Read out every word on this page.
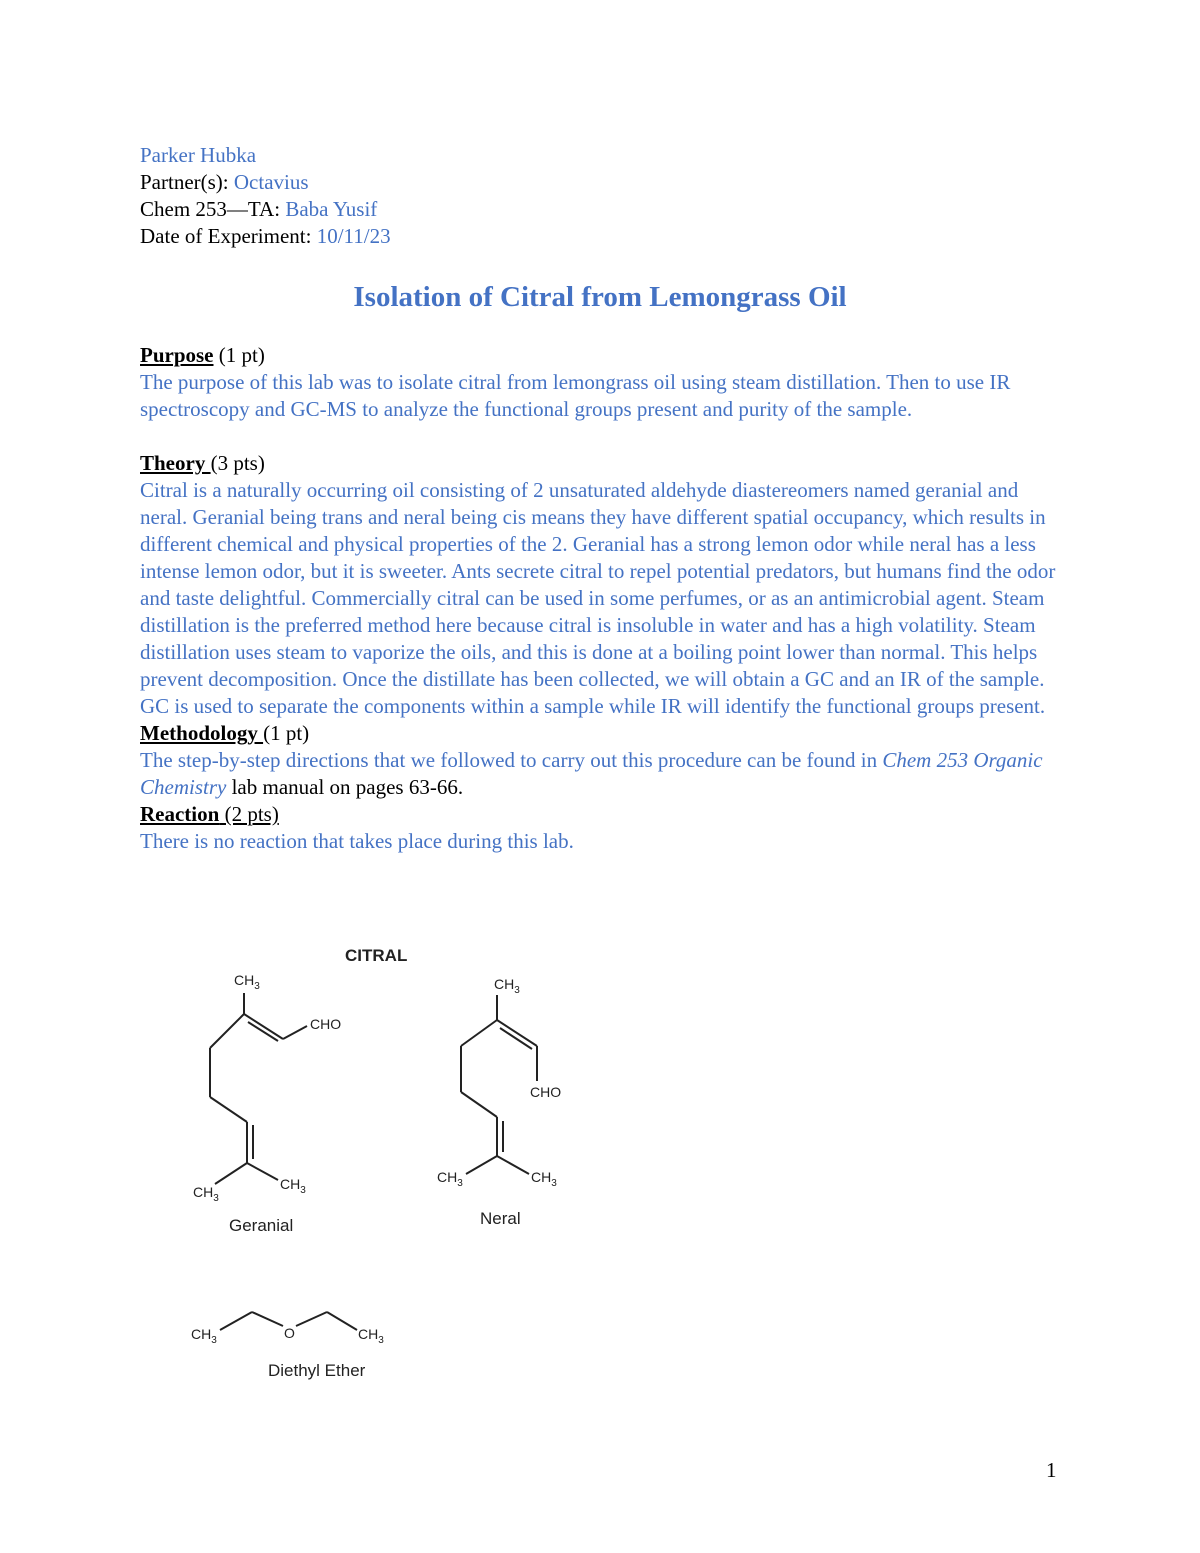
Parker Hubka
Partner(s): Octavius
Chem 253—TA: Baba Yusif
Date of Experiment: 10/11/23
Isolation of Citral from Lemongrass Oil
Purpose (1 pt)
The purpose of this lab was to isolate citral from lemongrass oil using steam distillation. Then to use IR spectroscopy and GC-MS to analyze the functional groups present and purity of the sample.
Theory (3 pts)
Citral is a naturally occurring oil consisting of 2 unsaturated aldehyde diastereomers named geranial and neral. Geranial being trans and neral being cis means they have different spatial occupancy, which results in different chemical and physical properties of the 2. Geranial has a strong lemon odor while neral has a less intense lemon odor, but it is sweeter. Ants secrete citral to repel potential predators, but humans find the odor and taste delightful. Commercially citral can be used in some perfumes, or as an antimicrobial agent. Steam distillation is the preferred method here because citral is insoluble in water and has a high volatility. Steam distillation uses steam to vaporize the oils, and this is done at a boiling point lower than normal. This helps prevent decomposition. Once the distillate has been collected, we will obtain a GC and an IR of the sample. GC is used to separate the components within a sample while IR will identify the functional groups present.
Methodology (1 pt)
The step-by-step directions that we followed to carry out this procedure can be found in Chem 253 Organic Chemistry lab manual on pages 63-66.
Reaction (2 pts)
There is no reaction that takes place during this lab.
CITRAL
$CH_3$
CHO
$CH_3$
$CH_3$
Geranial
$CH_3$
CHO
$CH_3$	$CH_3$
Neral
$CH_3$	O	$CH_3$
Diethyl Ether
1
